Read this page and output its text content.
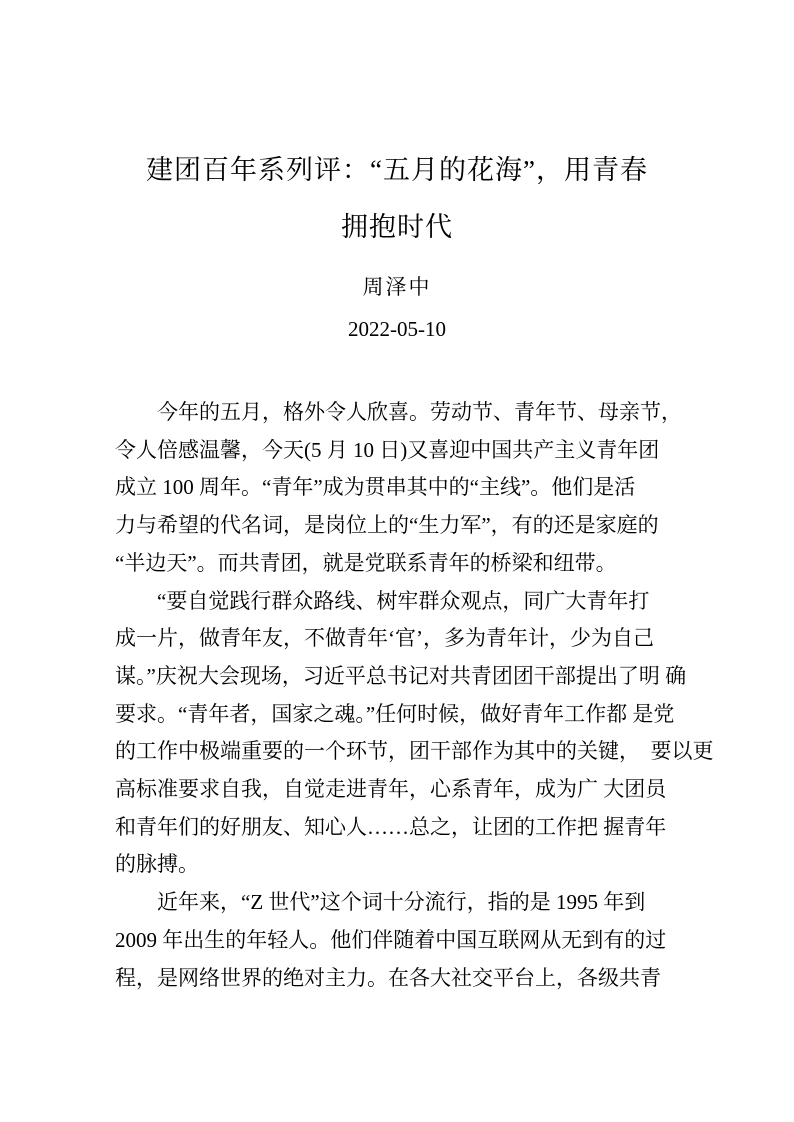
建团百年系列评：“五月的花海”，用青春
拥抱时代
周泽中
2022-05-10
今年的五月，格外令人欣喜。劳动节、青年节、母亲节，
令人倍感温馨，今天(5 月 10 日)又喜迎中国共产主义青年团
成立 100 周年。“青年”成为贯串其中的“主线”。他们是活
力与希望的代名词，是岗位上的“生力军”，有的还是家庭的
“半边天”。而共青团，就是党联系青年的桥梁和纽带。
“要自觉践行群众路线、树牢群众观点，同广大青年打
成一片，做青年友，不做青年‘官’，多为青年计，少为自己
谋。”庆祝大会现场，习近平总书记对共青团团干部提出了明 确
要求。“青年者，国家之魂。”任何时候，做好青年工作都 是党
的工作中极端重要的一个环节，团干部作为其中的关键，　要以更
高标准要求自我，自觉走进青年，心系青年，成为广 大团员
和青年们的好朋友、知心人……总之，让团的工作把 握青年
的脉搏。
近年来，“Z 世代”这个词十分流行，指的是 1995 年到
2009 年出生的年轻人。他们伴随着中国互联网从无到有的过
程，是网络世界的绝对主力。在各大社交平台上，各级共青
